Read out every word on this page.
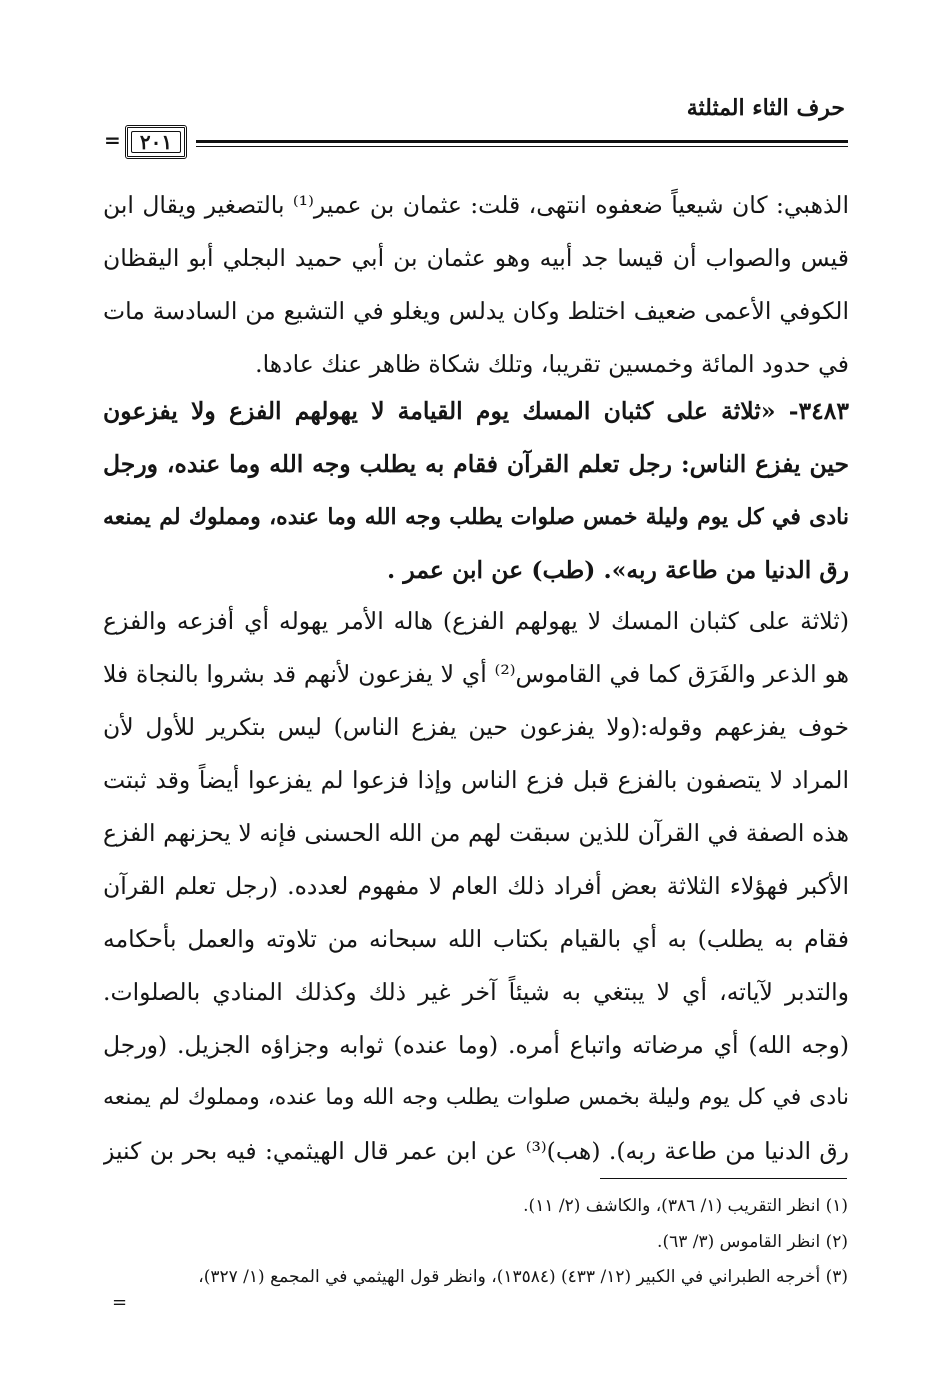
حرف الثاء المثلثة
٢٠١
=
الذهبي: كان شيعياً ضعفوه انتهى، قلت: عثمان بن عمير⁽¹⁾ بالتصغير ويقال ابن
قيس والصواب أن قيسا جد أبيه وهو عثمان بن أبي حميد البجلي أبو اليقظان
الكوفي الأعمى ضعيف اختلط وكان يدلس ويغلو في التشيع من السادسة مات
في حدود المائة وخمسين تقريبا، وتلك شكاة ظاهر عنك عادها.
٣٤٨٣- «ثلاثة على كثبان المسك يوم القيامة لا يهولهم الفزع ولا يفزعون
حين يفزع الناس: رجل تعلم القرآن فقام به يطلب وجه الله وما عنده، ورجل
نادى في كل يوم وليلة خمس صلوات يطلب وجه الله وما عنده، ومملوك لم يمنعه
رق الدنيا من طاعة ربه». (طب) عن ابن عمر .
(ثلاثة على كثبان المسك لا يهولهم الفزع) هاله الأمر يهوله أي أفزعه والفزع
هو الذعر والفَرَق كما في القاموس⁽²⁾ أي لا يفزعون لأنهم قد بشروا بالنجاة فلا
خوف يفزعهم وقوله:(ولا يفزعون حين يفزع الناس) ليس بتكرير للأول لأن
المراد لا يتصفون بالفزع قبل فزع الناس وإذا فزعوا لم يفزعوا أيضاً وقد ثبتت
هذه الصفة في القرآن للذين سبقت لهم من الله الحسنى فإنه لا يحزنهم الفزع
الأكبر فهؤلاء الثلاثة بعض أفراد ذلك العام لا مفهوم لعدده. (رجل تعلم القرآن
فقام به يطلب) به أي بالقيام بكتاب الله سبحانه من تلاوته والعمل بأحكامه
والتدبر لآياته، أي لا يبتغي به شيئاً آخر غير ذلك وكذلك المنادي بالصلوات.
(وجه الله) أي مرضاته واتباع أمره. (وما عنده) ثوابه وجزاؤه الجزيل. (ورجل
نادى في كل يوم وليلة بخمس صلوات يطلب وجه الله وما عنده، ومملوك لم يمنعه
رق الدنيا من طاعة ربه). (هب)⁽³⁾ عن ابن عمر قال الهيثمي: فيه بحر بن كنيز
(١) انظر التقريب (١/ ٣٨٦)، والكاشف (٢/ ١١).
(٢) انظر القاموس (٣/ ٦٣).
(٣) أخرجه الطبراني في الكبير (١٢/ ٤٣٣) (١٣٥٨٤)، وانظر قول الهيثمي في المجمع (١/ ٣٢٧)،
=
